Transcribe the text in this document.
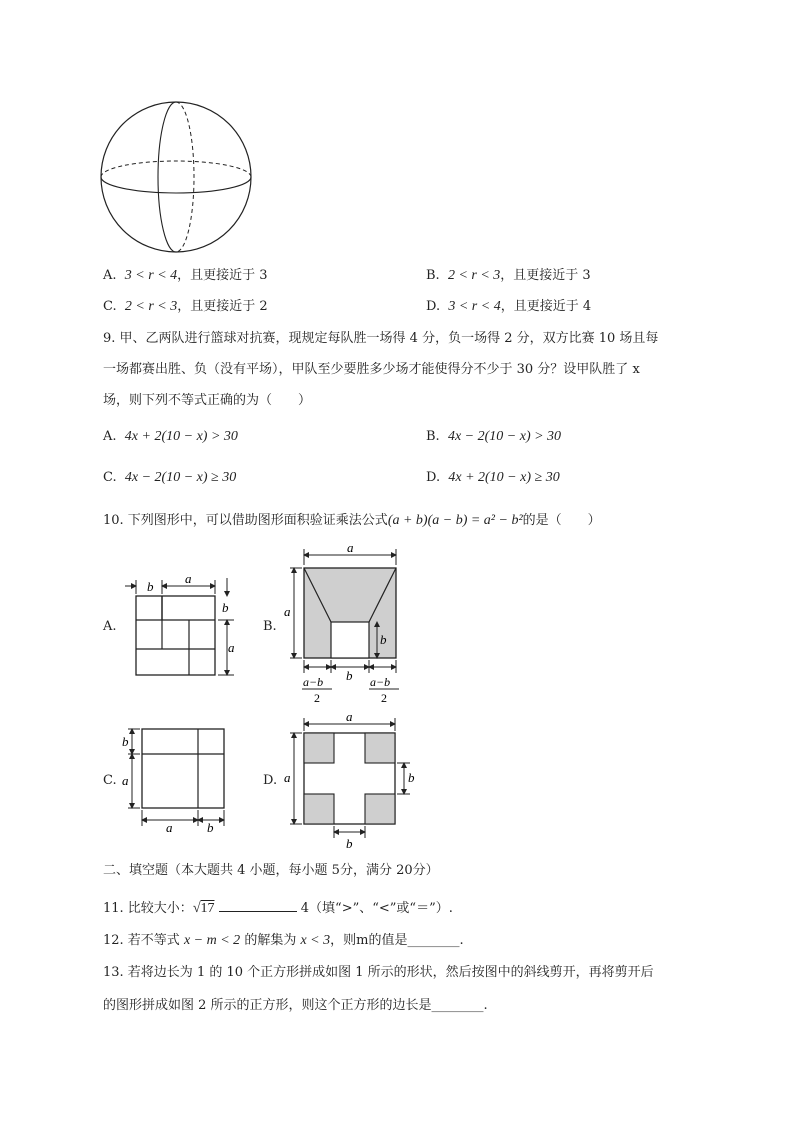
A. 3 < r < 4，且更接近于 3	B. 2 < r < 3，且更接近于 3
C. 2 < r < 3，且更接近于 2	D. 3 < r < 4，且更接近于 4
9. 甲、乙两队进行篮球对抗赛，现规定每队胜一场得 4 分，负一场得 2 分，双方比赛 10 场且每
一场都赛出胜、负（没有平场），甲队至少要胜多少场才能使得分不少于 30 分？设甲队胜了 x
场，则下列不等式正确的为（　　）
A. 4x + 2(10 − x) > 30	B. 4x − 2(10 − x) > 30
C. 4x − 2(10 − x) ≥ 30	D. 4x + 2(10 − x) ≥ 30
10. 下列图形中，可以借助图形面积验证乘法公式(a + b)(a − b) = a² − b²的是（　　）
A.	B.
C.	D.
b
a
b
a
a
a
b
b
a−b
2
a−b
2
b
a
a	b
a
a	b
b
二、填空题（本大题共 4 小题，每小题 5分，满分 20分）
11. 比较大小：√17	4（填“>”、“<”或“＝”）.
12. 若不等式 x − m < 2 的解集为 x < 3，则m的值是________.
13. 若将边长为 1 的 10 个正方形拼成如图 1 所示的形状，然后按图中的斜线剪开，再将剪开后
的图形拼成如图 2 所示的正方形，则这个正方形的边长是________.
